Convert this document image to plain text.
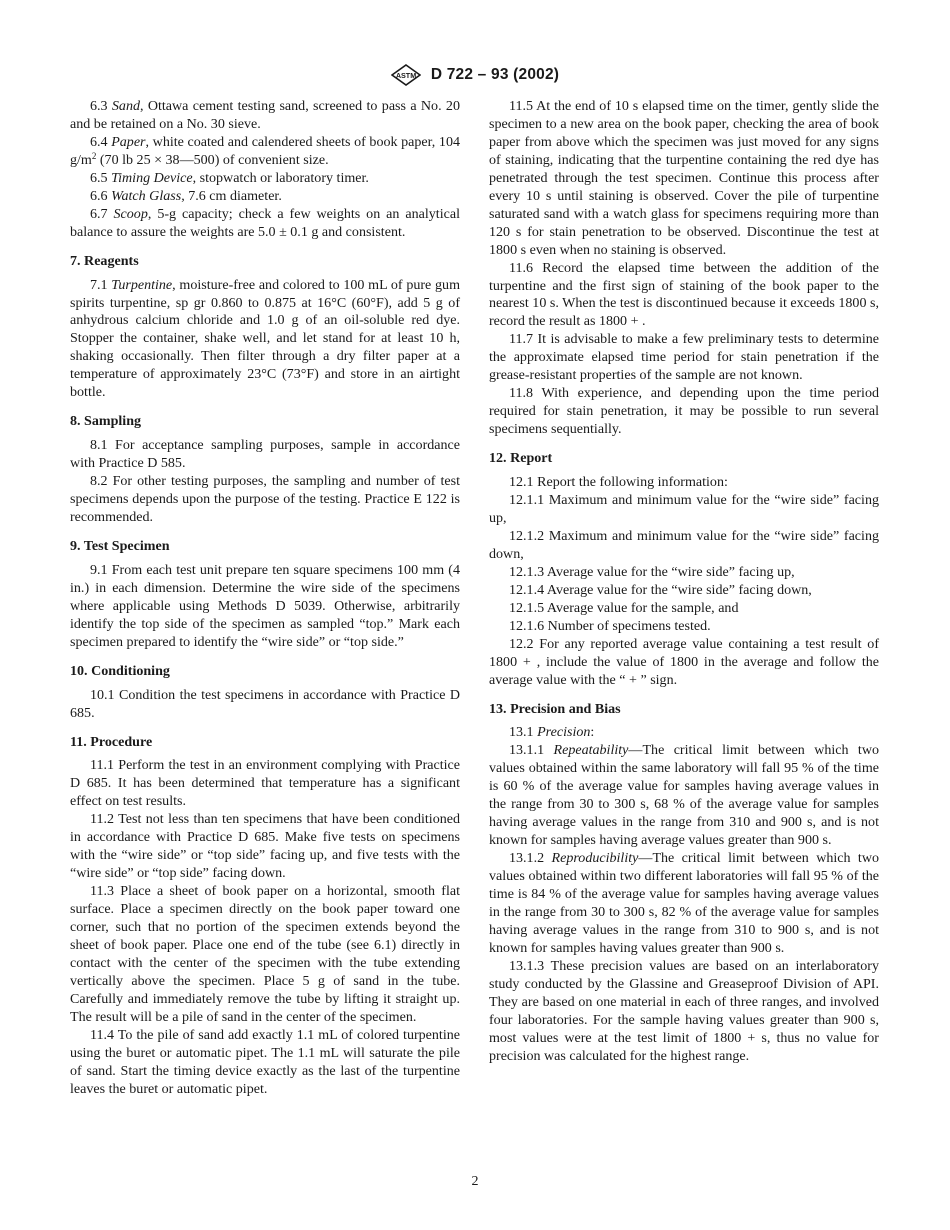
ASTM D 722 – 93 (2002)

6.3 Sand, Ottawa cement testing sand, screened to pass a No. 20 and be retained on a No. 30 sieve.

6.4 Paper, white coated and calendered sheets of book paper, 104 $g/m^2$ (70 lb 25 × 38—500) of convenient size.

6.5 Timing Device, stopwatch or laboratory timer.

6.6 Watch Glass, 7.6 cm diameter.

6.7 Scoop, 5-g capacity; check a few weights on an analytical balance to assure the weights are 5.0 ± 0.1 g and consistent.

7. Reagents

7.1 Turpentine, moisture-free and colored to 100 mL of pure gum spirits turpentine, sp gr 0.860 to 0.875 at 16°C (60°F), add 5 g of anhydrous calcium chloride and 1.0 g of an oil-soluble red dye. Stopper the container, shake well, and let stand for at least 10 h, shaking occasionally. Then filter through a dry filter paper at a temperature of approximately 23°C (73°F) and store in an airtight bottle.

8. Sampling

8.1 For acceptance sampling purposes, sample in accordance with Practice D 585.

8.2 For other testing purposes, the sampling and number of test specimens depends upon the purpose of the testing. Practice E 122 is recommended.

9. Test Specimen

9.1 From each test unit prepare ten square specimens 100 mm (4 in.) in each dimension. Determine the wire side of the specimens where applicable using Methods D 5039. Otherwise, arbitrarily identify the top side of the specimen as sampled “top.” Mark each specimen prepared to identify the “wire side” or “top side.”

10. Conditioning

10.1 Condition the test specimens in accordance with Practice D 685.

11. Procedure

11.1 Perform the test in an environment complying with Practice D 685. It has been determined that temperature has a significant effect on test results.

11.2 Test not less than ten specimens that have been conditioned in accordance with Practice D 685. Make five tests on specimens with the “wire side” or “top side” facing up, and five tests with the “wire side” or “top side” facing down.

11.3 Place a sheet of book paper on a horizontal, smooth flat surface. Place a specimen directly on the book paper toward one corner, such that no portion of the specimen extends beyond the sheet of book paper. Place one end of the tube (see 6.1) directly in contact with the center of the specimen with the tube extending vertically above the specimen. Place 5 g of sand in the tube. Carefully and immediately remove the tube by lifting it straight up. The result will be a pile of sand in the center of the specimen.

11.4 To the pile of sand add exactly 1.1 mL of colored turpentine using the buret or automatic pipet. The 1.1 mL will saturate the pile of sand. Start the timing device exactly as the last of the turpentine leaves the buret or automatic pipet.

11.5 At the end of 10 s elapsed time on the timer, gently slide the specimen to a new area on the book paper, checking the area of book paper from above which the specimen was just moved for any signs of staining, indicating that the turpentine containing the red dye has penetrated through the test specimen. Continue this process after every 10 s until staining is observed. Cover the pile of turpentine saturated sand with a watch glass for specimens requiring more than 120 s for stain penetration to be observed. Discontinue the test at 1800 s even when no staining is observed.

11.6 Record the elapsed time between the addition of the turpentine and the first sign of staining of the book paper to the nearest 10 s. When the test is discontinued because it exceeds 1800 s, record the result as 1800 + .

11.7 It is advisable to make a few preliminary tests to determine the approximate elapsed time period for stain penetration if the grease-resistant properties of the sample are not known.

11.8 With experience, and depending upon the time period required for stain penetration, it may be possible to run several specimens sequentially.

12. Report

12.1 Report the following information:

12.1.1 Maximum and minimum value for the “wire side” facing up,

12.1.2 Maximum and minimum value for the “wire side” facing down,

12.1.3 Average value for the “wire side” facing up,

12.1.4 Average value for the “wire side” facing down,

12.1.5 Average value for the sample, and

12.1.6 Number of specimens tested.

12.2 For any reported average value containing a test result of 1800 + , include the value of 1800 in the average and follow the average value with the “ + ” sign.

13. Precision and Bias

13.1 Precision:

13.1.1 Repeatability—The critical limit between which two values obtained within the same laboratory will fall 95 % of the time is 60 % of the average value for samples having average values in the range from 30 to 300 s, 68 % of the average value for samples having average values in the range from 310 and 900 s, and is not known for samples having average values greater than 900 s.

13.1.2 Reproducibility—The critical limit between which two values obtained within two different laboratories will fall 95 % of the time is 84 % of the average value for samples having average values in the range from 30 to 300 s, 82 % of the average value for samples having average values in the range from 310 to 900 s, and is not known for samples having values greater than 900 s.

13.1.3 These precision values are based on an interlaboratory study conducted by the Glassine and Greaseproof Division of API. They are based on one material in each of three ranges, and involved four laboratories. For the sample having values greater than 900 s, most values were at the test limit of 1800 + s, thus no value for precision was calculated for the highest range.

2
